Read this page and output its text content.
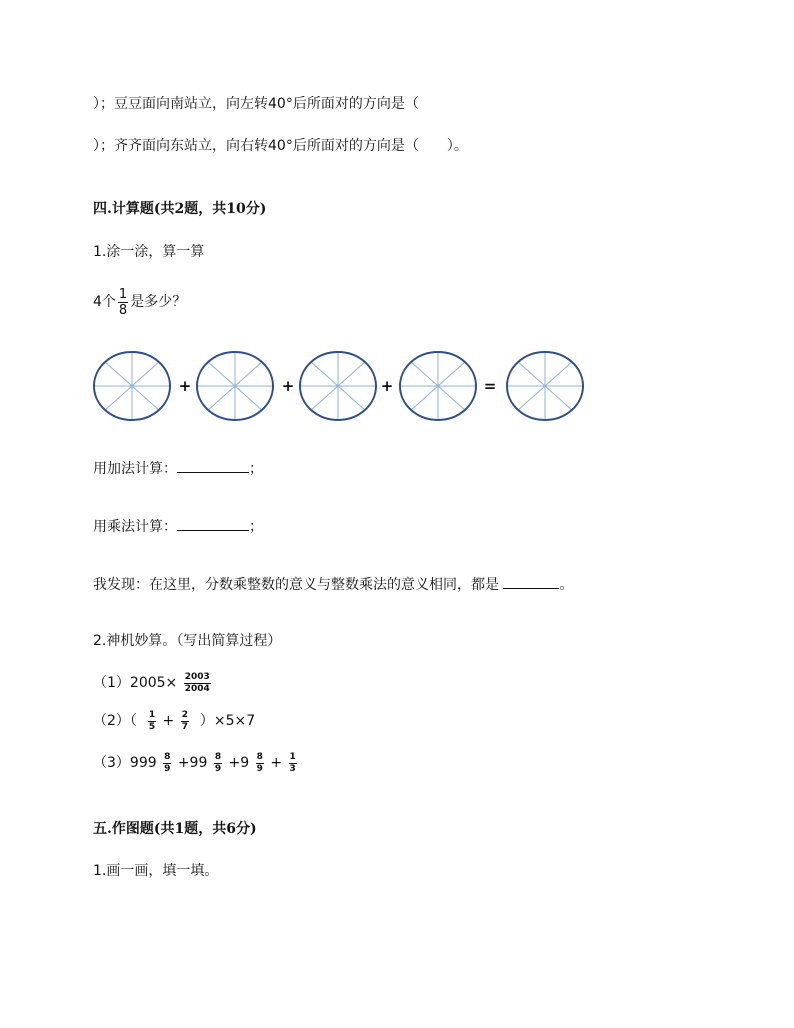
）；豆豆面向南站立，向左转40°后所面对的方向是（
）；齐齐面向东站立，向右转40°后所面对的方向是（　　）。
四.计算题(共2题，共10分)
1.涂一涂，算一算
4个 $\frac{1}{8}$ 是多少？
+	+	+	=
用加法计算：	；
用乘法计算：	；
我发现：在这里，分数乘整数的意义与整数乘法的意义相同，都是	。
2.神机妙算。（写出简算过程）
$(1)2005\times \frac{2003}{2004}$
$(2)( \frac{1}{5} + \frac{2}{7} )\times 5\times 7$
$(3)999 \frac{8}{9} +99 \frac{8}{9} +9 \frac{8}{9} + \frac{1}{3}$
五.作图题(共1题，共6分)
1.画一画，填一填。
